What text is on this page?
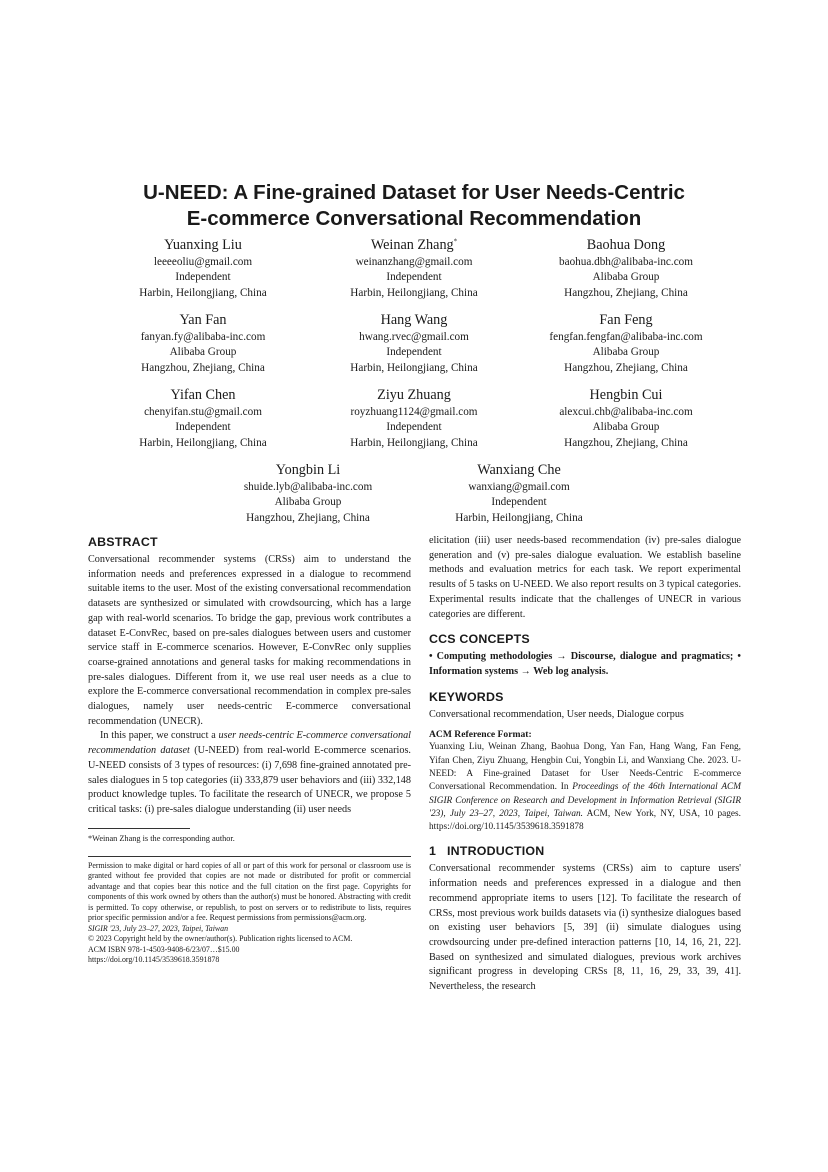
U-NEED: A Fine-grained Dataset for User Needs-Centric
E-commerce Conversational Recommendation
Yuanxing Liu
leeeeoliu@gmail.com
Independent
Harbin, Heilongjiang, China
Weinan Zhang*
weinanzhang@gmail.com
Independent
Harbin, Heilongjiang, China
Baohua Dong
baohua.dbh@alibaba-inc.com
Alibaba Group
Hangzhou, Zhejiang, China
Yan Fan
fanyan.fy@alibaba-inc.com
Alibaba Group
Hangzhou, Zhejiang, China
Hang Wang
hwang.rvec@gmail.com
Independent
Harbin, Heilongjiang, China
Fan Feng
fengfan.fengfan@alibaba-inc.com
Alibaba Group
Hangzhou, Zhejiang, China
Yifan Chen
chenyifan.stu@gmail.com
Independent
Harbin, Heilongjiang, China
Ziyu Zhuang
royzhuang1124@gmail.com
Independent
Harbin, Heilongjiang, China
Hengbin Cui
alexcui.chb@alibaba-inc.com
Alibaba Group
Hangzhou, Zhejiang, China
Yongbin Li
shuide.lyb@alibaba-inc.com
Alibaba Group
Hangzhou, Zhejiang, China
Wanxiang Che
wanxiang@gmail.com
Independent
Harbin, Heilongjiang, China
ABSTRACT

Conversational recommender systems (CRSs) aim to understand the information needs and preferences expressed in a dialogue to recommend suitable items to the user. Most of the existing conversational recommendation datasets are synthesized or simulated with crowdsourcing, which has a large gap with real-world scenarios. To bridge the gap, previous work contributes a dataset E-ConvRec, based on pre-sales dialogues between users and customer service staff in E-commerce scenarios. However, E-ConvRec only supplies coarse-grained annotations and general tasks for making recommendations in pre-sales dialogues. Different from it, we use real user needs as a clue to explore the E-commerce conversational recommendation in complex pre-sales dialogues, namely user needs-centric E-commerce conversational recommendation (UNECR).

In this paper, we construct a user needs-centric E-commerce conversational recommendation dataset (U-NEED) from real-world E-commerce scenarios. U-NEED consists of 3 types of resources: (i) 7,698 fine-grained annotated pre-sales dialogues in 5 top categories (ii) 333,879 user behaviors and (iii) 332,148 product knowledge tuples. To facilitate the research of UNECR, we propose 5 critical tasks: (i) pre-sales dialogue understanding (ii) user needs

*Weinan Zhang is the corresponding author.
Permission to make digital or hard copies of all or part of this work for personal or classroom use is granted without fee provided that copies are not made or distributed for profit or commercial advantage and that copies bear this notice and the full citation on the first page. Copyrights for components of this work owned by others than the author(s) must be honored. Abstracting with credit is permitted. To copy otherwise, or republish, to post on servers or to redistribute to lists, requires prior specific permission and/or a fee. Request permissions from permissions@acm.org.
SIGIR '23, July 23–27, 2023, Taipei, Taiwan
© 2023 Copyright held by the owner/author(s). Publication rights licensed to ACM.
ACM ISBN 978-1-4503-9408-6/23/07…$15.00
https://doi.org/10.1145/3539618.3591878

elicitation (iii) user needs-based recommendation (iv) pre-sales dialogue generation and (v) pre-sales dialogue evaluation. We establish baseline methods and evaluation metrics for each task. We report experimental results of 5 tasks on U-NEED. We also report results on 3 typical categories. Experimental results indicate that the challenges of UNECR in various categories are different.

CCS CONCEPTS

• Computing methodologies → Discourse, dialogue and pragmatics; • Information systems → Web log analysis.

KEYWORDS

Conversational recommendation, User needs, Dialogue corpus

ACM Reference Format:

Yuanxing Liu, Weinan Zhang, Baohua Dong, Yan Fan, Hang Wang, Fan Feng, Yifan Chen, Ziyu Zhuang, Hengbin Cui, Yongbin Li, and Wanxiang Che. 2023. U-NEED: A Fine-grained Dataset for User Needs-Centric E-commerce Conversational Recommendation. In Proceedings of the 46th International ACM SIGIR Conference on Research and Development in Information Retrieval (SIGIR '23), July 23–27, 2023, Taipei, Taiwan. ACM, New York, NY, USA, 10 pages. https://doi.org/10.1145/3539618.3591878

1   INTRODUCTION

Conversational recommender systems (CRSs) aim to capture users' information needs and preferences expressed in a dialogue and then recommend appropriate items to users [12]. To facilitate the research of CRSs, most previous work builds datasets via (i) synthesize dialogues based on existing user behaviors [5, 39] (ii) simulate dialogues using crowdsourcing under pre-defined interaction patterns [10, 14, 16, 21, 22]. Based on synthesized and simulated dialogues, previous work archives significant progress in developing CRSs [8, 11, 16, 29, 33, 39, 41]. Nevertheless, the research
